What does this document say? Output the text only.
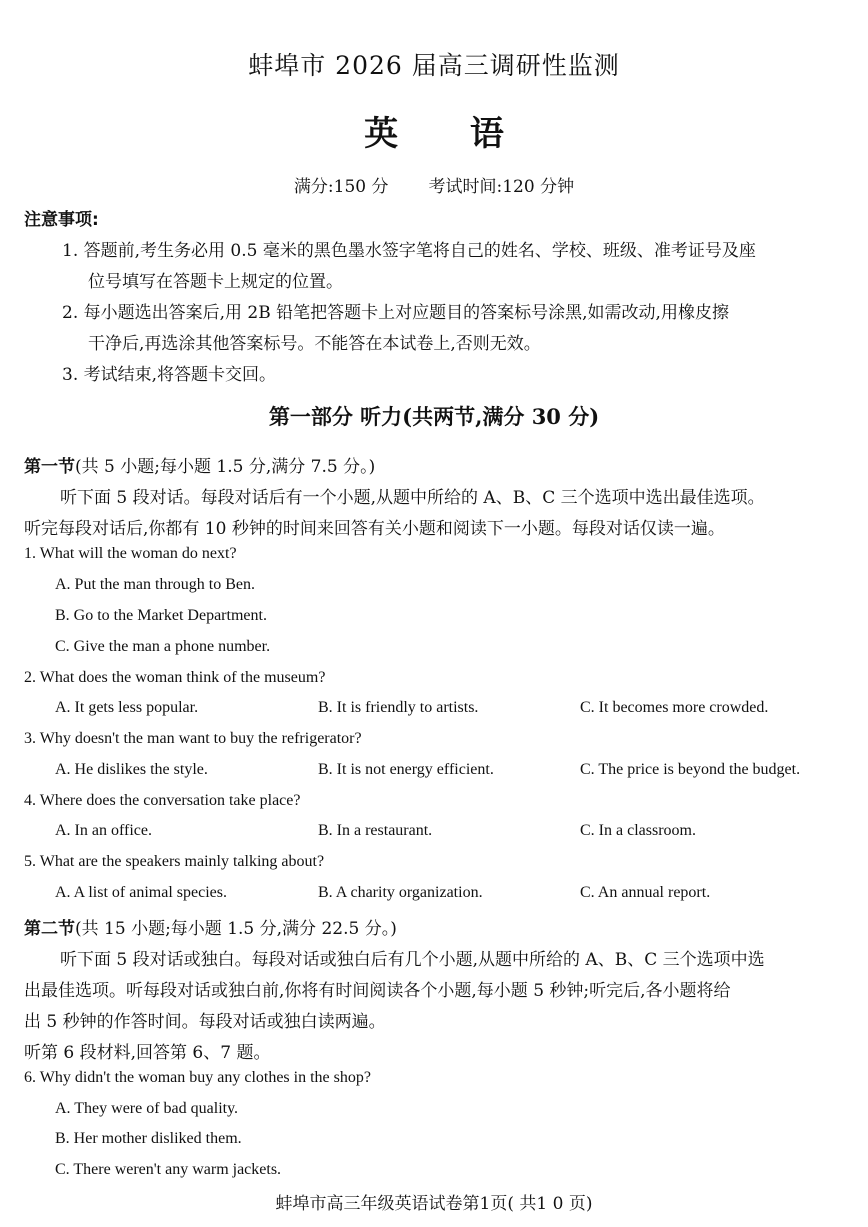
蚌埠市 2026 届高三调研性监测
英 语
满分:150 分 考试时间:120 分钟
注意事项:
1. 答题前,考生务必用 0.5 毫米的黑色墨水签字笔将自己的姓名、学校、班级、准考证号及座
位号填写在答题卡上规定的位置。
2. 每小题选出答案后,用 2B 铅笔把答题卡上对应题目的答案标号涂黑,如需改动,用橡皮擦
干净后,再选涂其他答案标号。不能答在本试卷上,否则无效。
3. 考试结束,将答题卡交回。
第一部分 听力(共两节,满分 30 分)
第一节(共 5 小题;每小题 1.5 分,满分 7.5 分。)
听下面 5 段对话。每段对话后有一个小题,从题中所给的 A、B、C 三个选项中选出最佳选项。
听完每段对话后,你都有 10 秒钟的时间来回答有关小题和阅读下一小题。每段对话仅读一遍。
1. What will the woman do next?
A. Put the man through to Ben.
B. Go to the Market Department.
C. Give the man a phone number.
2. What does the woman think of the museum?
A. It gets less popular.	B. It is friendly to artists.	C. It becomes more crowded.
3. Why doesn't the man want to buy the refrigerator?
A. He dislikes the style.	B. It is not energy efficient.	C. The price is beyond the budget.
4. Where does the conversation take place?
A. In an office.	B. In a restaurant.	C. In a classroom.
5. What are the speakers mainly talking about?
A. A list of animal species.	B. A charity organization.	C. An annual report.
第二节(共 15 小题;每小题 1.5 分,满分 22.5 分。)
听下面 5 段对话或独白。每段对话或独白后有几个小题,从题中所给的 A、B、C 三个选项中选
出最佳选项。听每段对话或独白前,你将有时间阅读各个小题,每小题 5 秒钟;听完后,各小题将给
出 5 秒钟的作答时间。每段对话或独白读两遍。
听第 6 段材料,回答第 6、7 题。
6. Why didn't the woman buy any clothes in the shop?
A. They were of bad quality.
B. Her mother disliked them.
C. There weren't any warm jackets.
蚌埠市高三年级英语试卷第1页( 共1 0 页)
